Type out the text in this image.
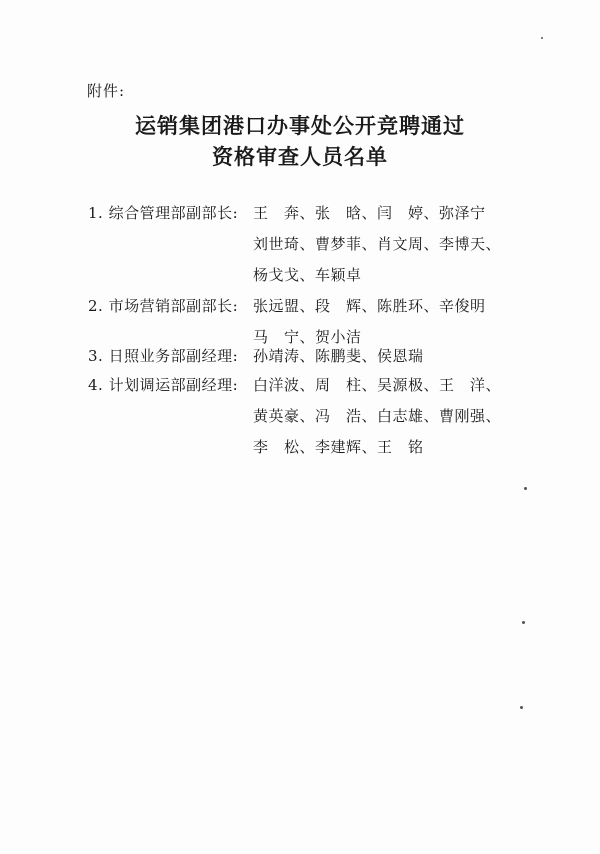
附件:
运销集团港口办事处公开竞聘通过
资格审查人员名单
1. 综合管理部副部长: 王　奔、张　晗、闫　婷、弥泽宁
刘世琦、曹梦菲、肖文周、李博天、
杨戈戈、车颖卓
2. 市场营销部副部长: 张远盟、段　辉、陈胜环、辛俊明
马　宁、贺小洁
3. 日照业务部副经理: 孙靖涛、陈鹏斐、侯恩瑞
4. 计划调运部副经理: 白洋波、周　柱、吴源极、王　洋、
黄英豪、冯　浩、白志雄、曹刚强、
李　松、李建辉、王　铭
